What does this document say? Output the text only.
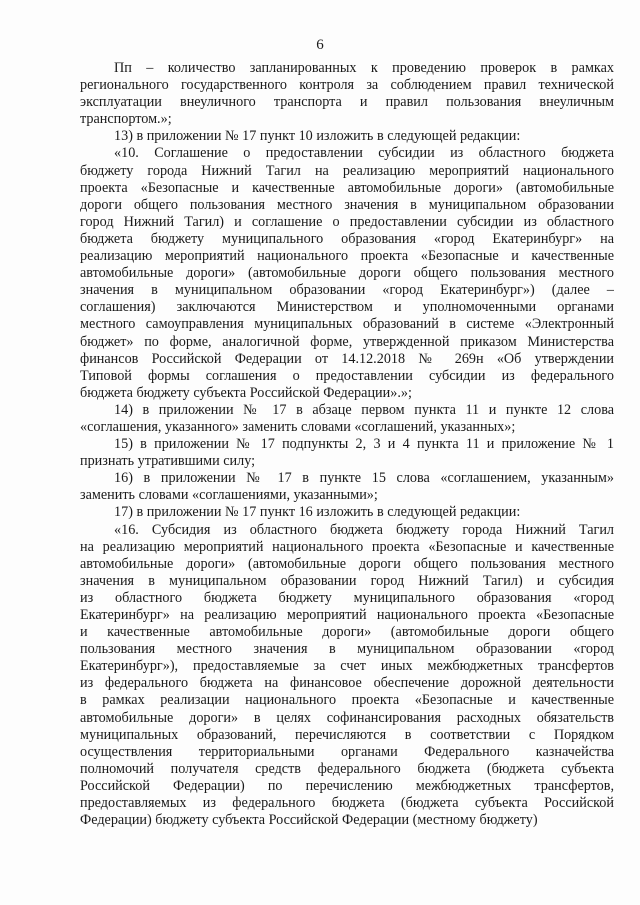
6
Пп – количество запланированных к проведению проверок в рамках
регионального государственного контроля за соблюдением правил технической
эксплуатации внеуличного транспорта и правил пользования внеуличным
транспортом.»;
13) в приложении № 17 пункт 10 изложить в следующей редакции:
«10. Соглашение о предоставлении субсидии из областного бюджета
бюджету города Нижний Тагил на реализацию мероприятий национального
проекта «Безопасные и качественные автомобильные дороги» (автомобильные
дороги общего пользования местного значения в муниципальном образовании
город Нижний Тагил) и соглашение о предоставлении субсидии из областного
бюджета бюджету муниципального образования «город Екатеринбург» на
реализацию мероприятий национального проекта «Безопасные и качественные
автомобильные дороги» (автомобильные дороги общего пользования местного
значения в муниципальном образовании «город Екатеринбург») (далее –
соглашения) заключаются Министерством и уполномоченными органами
местного самоуправления муниципальных образований в системе «Электронный
бюджет» по форме, аналогичной форме, утвержденной приказом Министерства
финансов Российской Федерации от 14.12.2018 № 269н «Об утверждении
Типовой формы соглашения о предоставлении субсидии из федерального
бюджета бюджету субъекта Российской Федерации».»;
14) в приложении № 17 в абзаце первом пункта 11 и пункте 12 слова
«соглашения, указанного» заменить словами «соглашений, указанных»;
15) в приложении № 17 подпункты 2, 3 и 4 пункта 11 и приложение № 1
признать утратившими силу;
16) в приложении № 17 в пункте 15 слова «соглашением, указанным»
заменить словами «соглашениями, указанными»;
17) в приложении № 17 пункт 16 изложить в следующей редакции:
«16. Субсидия из областного бюджета бюджету города Нижний Тагил
на реализацию мероприятий национального проекта «Безопасные и качественные
автомобильные дороги» (автомобильные дороги общего пользования местного
значения в муниципальном образовании город Нижний Тагил) и субсидия
из областного бюджета бюджету муниципального образования «город
Екатеринбург» на реализацию мероприятий национального проекта «Безопасные
и качественные автомобильные дороги» (автомобильные дороги общего
пользования местного значения в муниципальном образовании «город
Екатеринбург»), предоставляемые за счет иных межбюджетных трансфертов
из федерального бюджета на финансовое обеспечение дорожной деятельности
в рамках реализации национального проекта «Безопасные и качественные
автомобильные дороги» в целях софинансирования расходных обязательств
муниципальных образований, перечисляются в соответствии с Порядком
осуществления территориальными органами Федерального казначейства
полномочий получателя средств федерального бюджета (бюджета субъекта
Российской Федерации) по перечислению межбюджетных трансфертов,
предоставляемых из федерального бюджета (бюджета субъекта Российской
Федерации) бюджету субъекта Российской Федерации (местному бюджету)
